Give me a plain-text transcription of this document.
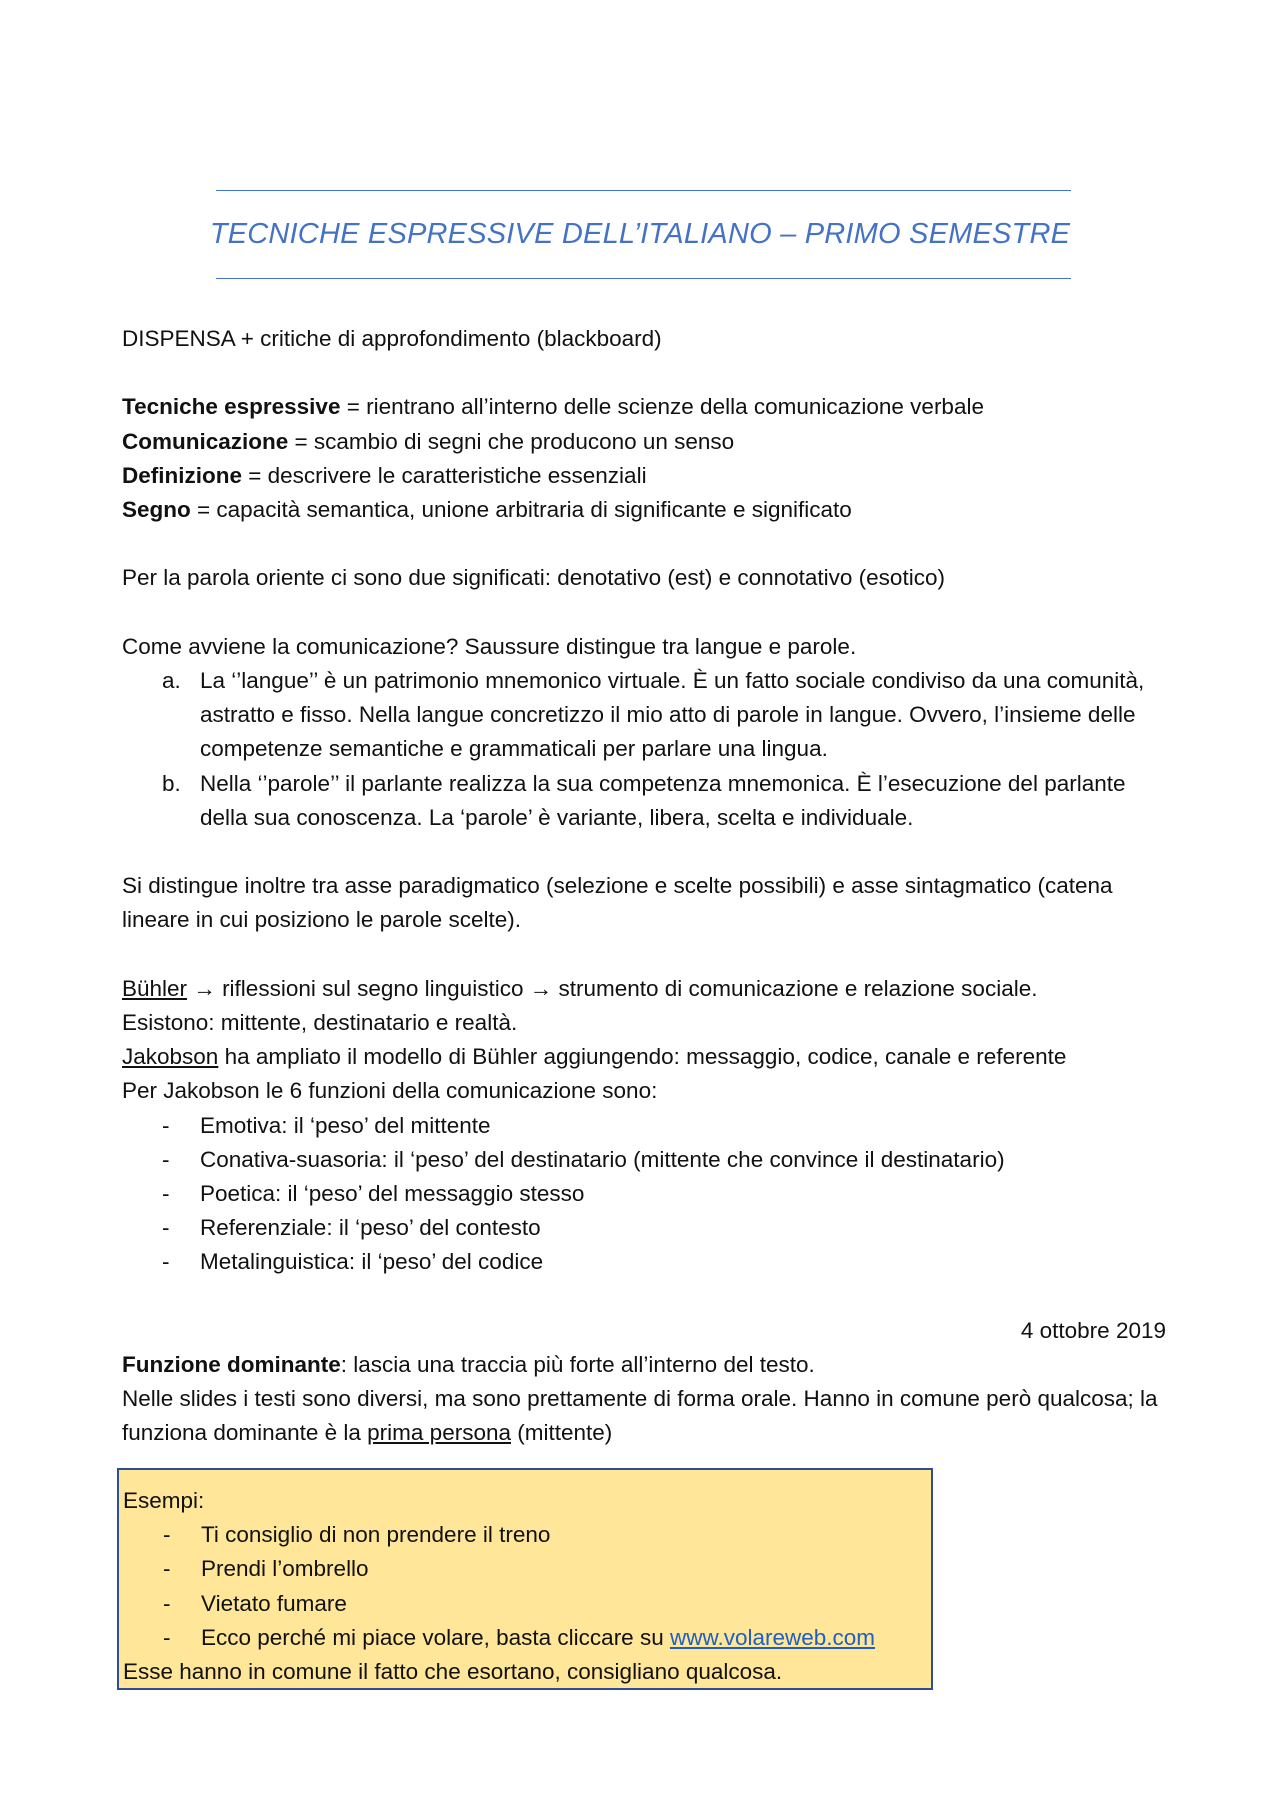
TECNICHE ESPRESSIVE DELL’ITALIANO – PRIMO SEMESTRE
DISPENSA + critiche di approfondimento (blackboard)
Tecniche espressive = rientrano all’interno delle scienze della comunicazione verbale
Comunicazione = scambio di segni che producono un senso
Definizione = descrivere le caratteristiche essenziali
Segno = capacità semantica, unione arbitraria di significante e significato
Per la parola oriente ci sono due significati: denotativo (est) e connotativo (esotico)
Come avviene la comunicazione? Saussure distingue tra langue e parole.
a. La ‘’langue’’ è un patrimonio mnemonico virtuale. È un fatto sociale condiviso da una comunità, astratto e fisso. Nella langue concretizzo il mio atto di parole in langue. Ovvero, l’insieme delle competenze semantiche e grammaticali per parlare una lingua.
b. Nella ‘’parole’’ il parlante realizza la sua competenza mnemonica. È l’esecuzione del parlante della sua conoscenza. La ‘parole’ è variante, libera, scelta e individuale.
Si distingue inoltre tra asse paradigmatico (selezione e scelte possibili) e asse sintagmatico (catena lineare in cui posiziono le parole scelte).
Bühler → riflessioni sul segno linguistico → strumento di comunicazione e relazione sociale.
Esistono: mittente, destinatario e realtà.
Jakobson ha ampliato il modello di Bühler aggiungendo: messaggio, codice, canale e referente
Per Jakobson le 6 funzioni della comunicazione sono:
-	Emotiva: il ‘peso’ del mittente
-	Conativa-suasoria: il ‘peso’ del destinatario (mittente che convince il destinatario)
-	Poetica: il ‘peso’ del messaggio stesso
-	Referenziale: il ‘peso’ del contesto
-	Metalinguistica: il ‘peso’ del codice
4 ottobre 2019
Funzione dominante: lascia una traccia più forte all’interno del testo.
Nelle slides i testi sono diversi, ma sono prettamente di forma orale. Hanno in comune però qualcosa; la funziona dominante è la prima persona (mittente)
Esempi:
-	Ti consiglio di non prendere il treno
-	Prendi l’ombrello
-	Vietato fumare
-	Ecco perché mi piace volare, basta cliccare su www.volareweb.com
Esse hanno in comune il fatto che esortano, consigliano qualcosa.
